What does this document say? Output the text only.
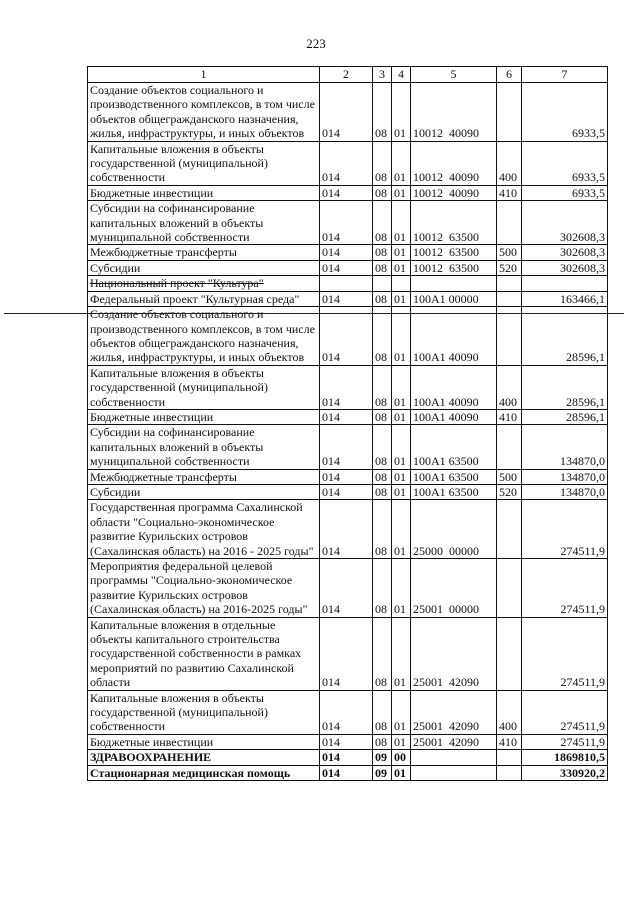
223
1	2	3	4	5	6	7
Создание объектов социального и производственного комплексов, в том числе объектов общегражданского назначения, жилья, инфраструктуры, и иных объектов	014	08	01	10012  40090		6933,5
Капитальные вложения в объекты государственной (муниципальной) собственности	014	08	01	10012  40090	400	6933,5
Бюджетные инвестиции	014	08	01	10012  40090	410	6933,5
Субсидии на софинансирование капитальных вложений в объекты муниципальной собственности	014	08	01	10012  63500		302608,3
Межбюджетные трансферты	014	08	01	10012  63500	500	302608,3
Субсидии	014	08	01	10012  63500	520	302608,3
Национальный проект "Культура"						
Федеральный проект "Культурная среда"	014	08	01	100A1 00000		163466,1
Создание объектов социального и производственного комплексов, в том числе объектов общегражданского назначения, жилья, инфраструктуры, и иных объектов	014	08	01	100A1 40090		28596,1
Капитальные вложения в объекты государственной (муниципальной) собственности	014	08	01	100A1 40090	400	28596,1
Бюджетные инвестиции	014	08	01	100A1 40090	410	28596,1
Субсидии на софинансирование капитальных вложений в объекты муниципальной собственности	014	08	01	100A1 63500		134870,0
Межбюджетные трансферты	014	08	01	100A1 63500	500	134870,0
Субсидии	014	08	01	100A1 63500	520	134870,0
Государственная программа Сахалинской области "Социально-экономическое развитие Курильских островов (Сахалинская область) на 2016 - 2025 годы"	014	08	01	25000  00000		274511,9
Мероприятия федеральной целевой программы "Социально-экономическое развитие Курильских островов (Сахалинская область) на 2016-2025 годы"	014	08	01	25001  00000		274511,9
Капитальные вложения в отдельные объекты капитального строительства государственной собственности в рамках мероприятий по развитию Сахалинской области	014	08	01	25001  42090		274511,9
Капитальные вложения в объекты государственной (муниципальной) собственности	014	08	01	25001  42090	400	274511,9
Бюджетные инвестиции	014	08	01	25001  42090	410	274511,9
ЗДРАВООХРАНЕНИЕ	014	09	00			1869810,5
Стационарная медицинская помощь	014	09	01			330920,2
